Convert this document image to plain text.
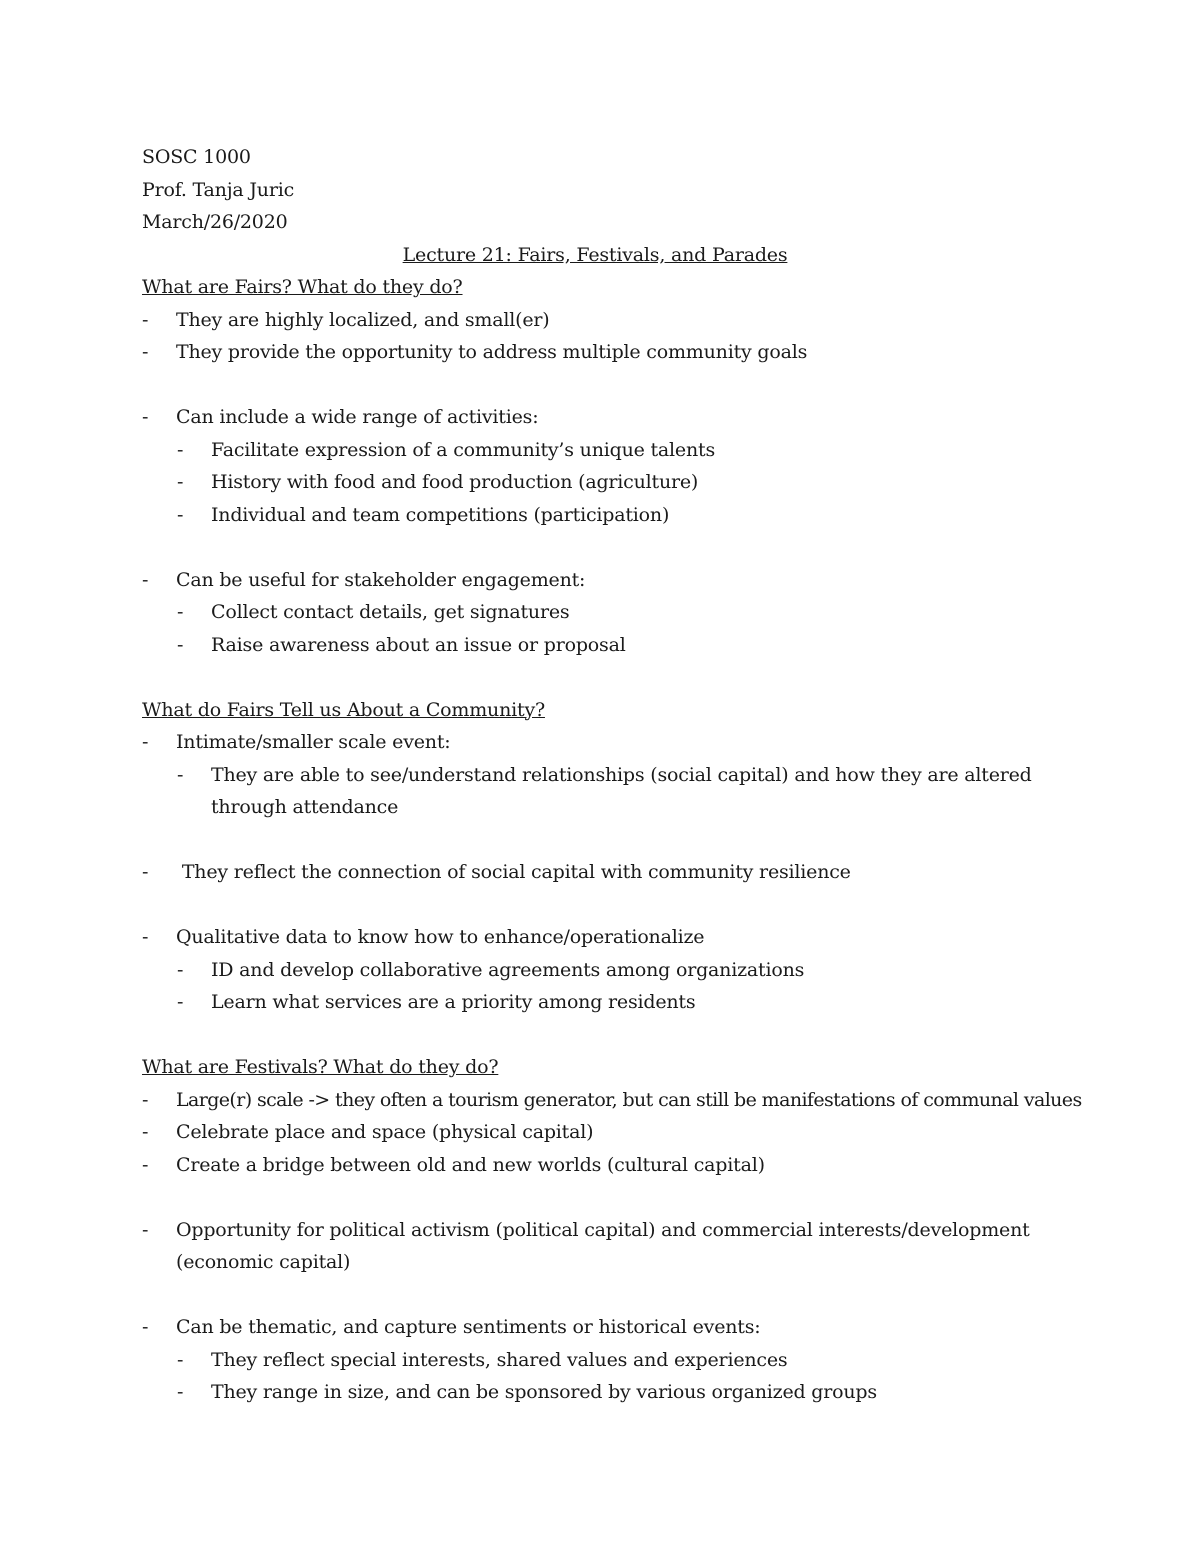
SOSC 1000
Prof. Tanja Juric
March/26/2020
Lecture 21: Fairs, Festivals, and Parades
What are Fairs? What do they do?
- They are highly localized, and small(er)
- They provide the opportunity to address multiple community goals
- Can include a wide range of activities:
- Facilitate expression of a community’s unique talents
- History with food and food production (agriculture)
- Individual and team competitions (participation)
- Can be useful for stakeholder engagement:
- Collect contact details, get signatures
- Raise awareness about an issue or proposal
What do Fairs Tell us About a Community?
- Intimate/smaller scale event:
- They are able to see/understand relationships (social capital) and how they are altered through attendance
- They reflect the connection of social capital with community resilience
- Qualitative data to know how to enhance/operationalize
- ID and develop collaborative agreements among organizations
- Learn what services are a priority among residents
What are Festivals? What do they do?
- Large(r) scale -> they often a tourism generator, but can still be manifestations of communal values
- Celebrate place and space (physical capital)
- Create a bridge between old and new worlds (cultural capital)
- Opportunity for political activism (political capital) and commercial interests/development (economic capital)
- Can be thematic, and capture sentiments or historical events:
- They reflect special interests, shared values and experiences
- They range in size, and can be sponsored by various organized groups
